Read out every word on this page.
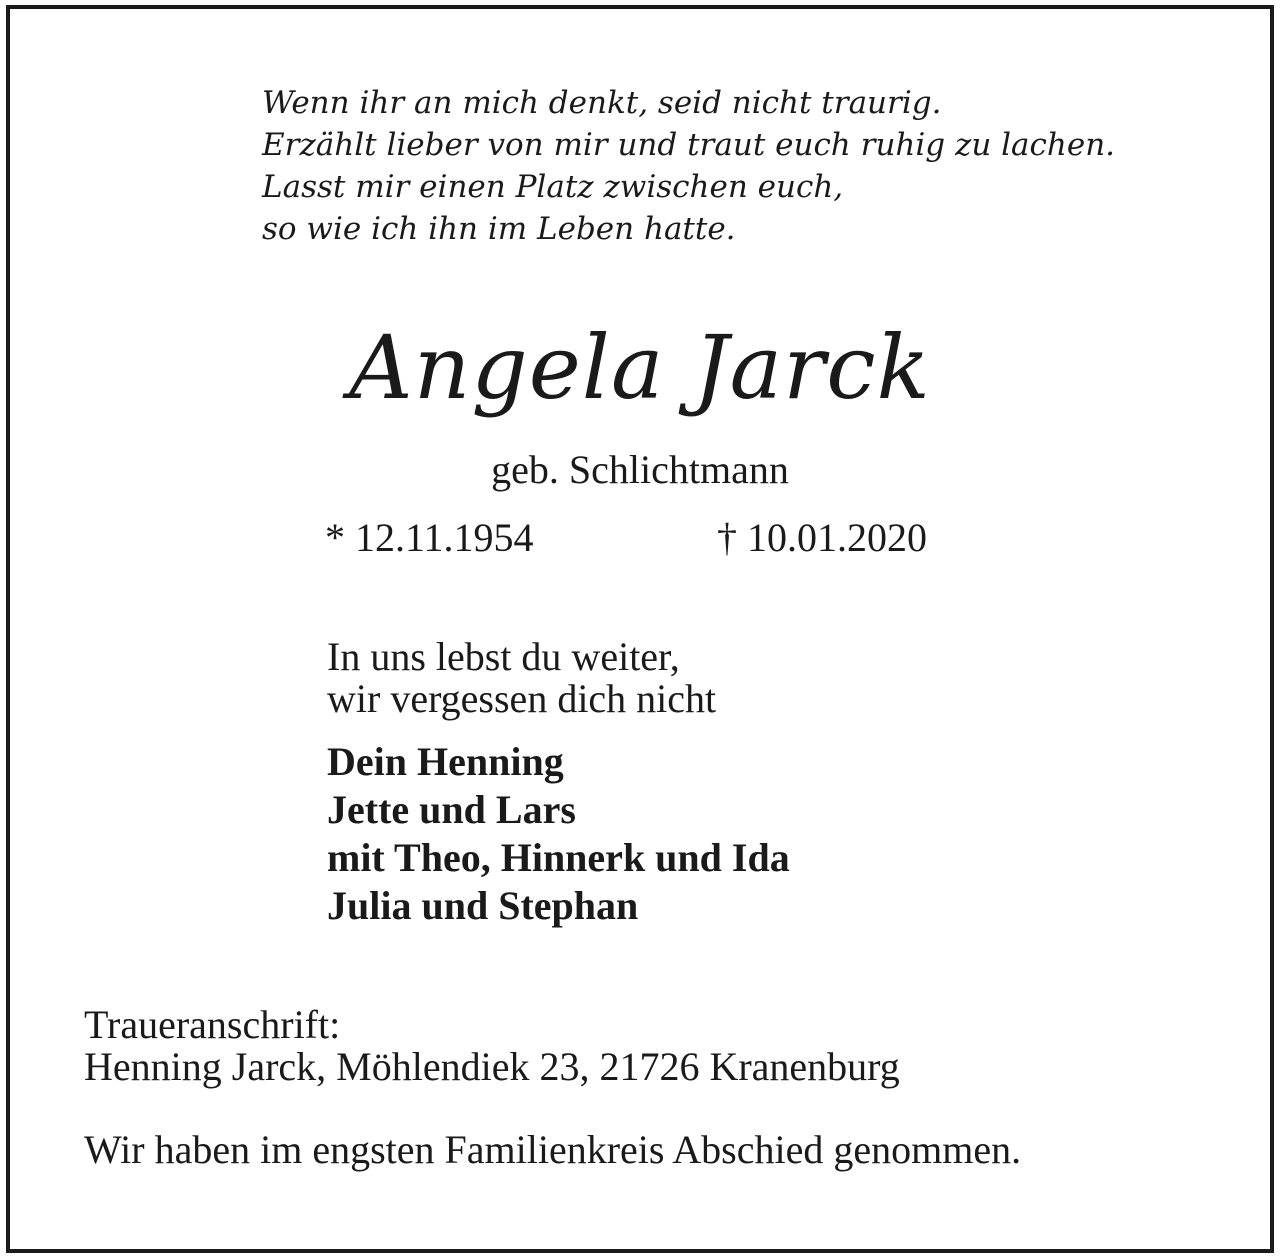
Wenn ihr an mich denkt, seid nicht traurig.
Erzählt lieber von mir und traut euch ruhig zu lachen.
Lasst mir einen Platz zwischen euch,
so wie ich ihn im Leben hatte.
Angela Jarck
geb. Schlichtmann
* 12.11.1954	† 10.01.2020
In uns lebst du weiter,
wir vergessen dich nicht
Dein Henning
Jette und Lars
mit Theo, Hinnerk und Ida
Julia und Stephan
Traueranschrift:
Henning Jarck, Möhlendiek 23, 21726 Kranenburg
Wir haben im engsten Familienkreis Abschied genommen.
